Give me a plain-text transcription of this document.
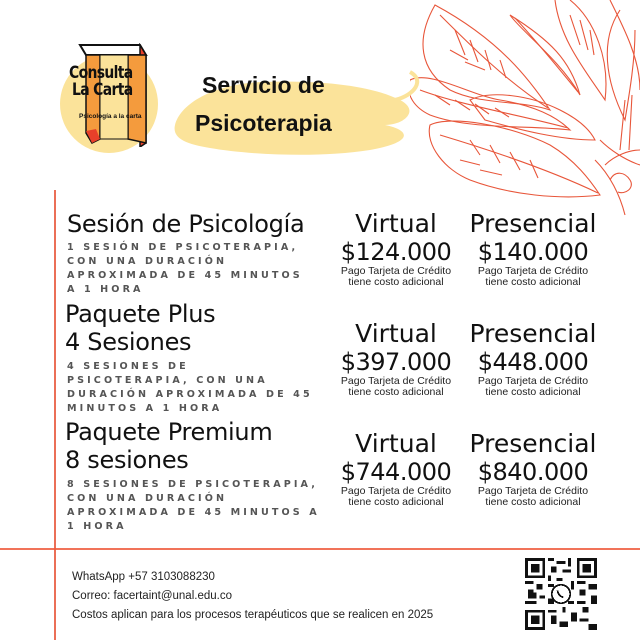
Consulta
La Carta
Psicología a la carta
Servicio de
Psicoterapia
Sesión de Psicología
1 SESIÓN DE PSICOTERAPIA,
CON UNA DURACIÓN
APROXIMADA DE 45 MINUTOS
A 1 HORA
Virtual
$124.000
Pago Tarjeta de Crédito
tiene costo adicional
Presencial
$140.000
Pago Tarjeta de Crédito
tiene costo adicional
Paquete Plus
4 Sesiones
4 SESIONES DE
PSICOTERAPIA, CON UNA
DURACIÓN APROXIMADA DE 45
MINUTOS A 1 HORA
Virtual
$397.000
Pago Tarjeta de Crédito
tiene costo adicional
Presencial
$448.000
Pago Tarjeta de Crédito
tiene costo adicional
Paquete Premium
8 sesiones
8 SESIONES DE PSICOTERAPIA,
CON UNA DURACIÓN
APROXIMADA DE 45 MINUTOS A
1 HORA
Virtual
$744.000
Pago Tarjeta de Crédito
tiene costo adicional
Presencial
$840.000
Pago Tarjeta de Crédito
tiene costo adicional
WhatsApp +57 3103088230
Correo: facertaint@unal.edu.co
Costos aplican para los procesos terapéuticos que se realicen en 2025
